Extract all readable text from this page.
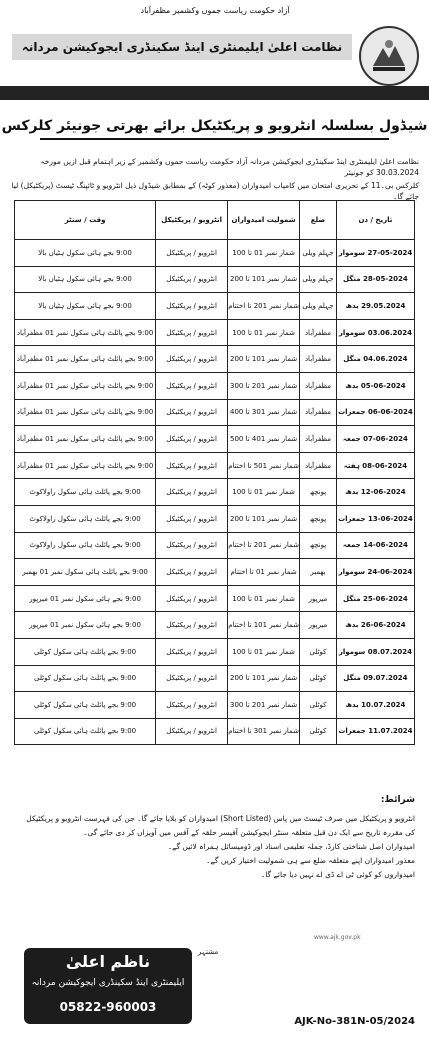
آزاد حکومت ریاست جموں وکشمیر مظفرآباد
نظامت اعلیٰ ایلیمنٹری اینڈ سکینڈری ایجوکیشن مردانہ
شیڈول بسلسلہ انٹرویو و پریکٹیکل برائے بھرتی جونیئر کلرکس
نظامت اعلیٰ ایلیمنٹری اینڈ سکینڈری ایجوکیشن مردانہ آزاد حکومت ریاست جموں وکشمیر کے زیر اہتمام قبل ازیں مورخہ 30.03.2024 کو جونیئر
کلرکس بی۔11 کے تحریری امتحان میں کامیاب امیدواران (معذور کوٹہ) کے بمطابق شیڈول ذیل انٹرویو و ٹائپنگ ٹیسٹ (پریکٹیکل) لیا جائے گا۔
تاریخ / دن	ضلع	شمولیت امیدواران	انٹرویو / پریکٹیکل	وقت / سنٹر
27-05-2024 سوموار	جہلم ویلی	شمار نمبر 01 تا 100	انٹرویو / پریکٹیکل	9:00 بجے ہائی سکول ہٹیاں بالا
28-05-2024 منگل	جہلم ویلی	شمار نمبر 101 تا 200	انٹرویو / پریکٹیکل	9:00 بجے ہائی سکول ہٹیاں بالا
29.05.2024 بدھ	جہلم ویلی	شمار نمبر 201 تا اختتام	انٹرویو / پریکٹیکل	9:00 بجے ہائی سکول ہٹیاں بالا
03.06.2024 سوموار	مظفرآباد	شمار نمبر 01 تا 100	انٹرویو / پریکٹیکل	9:00 بجے پائلٹ ہائی سکول نمبر 01 مظفرآباد
04.06.2024 منگل	مظفرآباد	شمار نمبر 101 تا 200	انٹرویو / پریکٹیکل	9:00 بجے پائلٹ ہائی سکول نمبر 01 مظفرآباد
05-06-2024 بدھ	مظفرآباد	شمار نمبر 201 تا 300	انٹرویو / پریکٹیکل	9:00 بجے پائلٹ ہائی سکول نمبر 01 مظفرآباد
06-06-2024 جمعرات	مظفرآباد	شمار نمبر 301 تا 400	انٹرویو / پریکٹیکل	9:00 بجے پائلٹ ہائی سکول نمبر 01 مظفرآباد
07-06-2024 جمعہ	مظفرآباد	شمار نمبر 401 تا 500	انٹرویو / پریکٹیکل	9:00 بجے پائلٹ ہائی سکول نمبر 01 مظفرآباد
08-06-2024 ہفتہ	مظفرآباد	شمار نمبر 501 تا اختتام	انٹرویو / پریکٹیکل	9:00 بجے پائلٹ ہائی سکول نمبر 01 مظفرآباد
12-06-2024 بدھ	پونچھ	شمار نمبر 01 تا 100	انٹرویو / پریکٹیکل	9:00 بجے پائلٹ ہائی سکول راولاکوٹ
13-06-2024 جمعرات	پونچھ	شمار نمبر 101 تا 200	انٹرویو / پریکٹیکل	9:00 بجے پائلٹ ہائی سکول راولاکوٹ
14-06-2024 جمعہ	پونچھ	شمار نمبر 201 تا اختتام	انٹرویو / پریکٹیکل	9:00 بجے پائلٹ ہائی سکول راولاکوٹ
24-06-2024 سوموار	بھمبر	شمار نمبر 01 تا اختتام	انٹرویو / پریکٹیکل	9:00 بجے پائلٹ ہائی سکول نمبر 01 بھمبر
25-06-2024 منگل	میرپور	شمار نمبر 01 تا 100	انٹرویو / پریکٹیکل	9:00 بجے ہائی سکول نمبر 01 میرپور
26-06-2024 بدھ	میرپور	شمار نمبر 101 تا اختتام	انٹرویو / پریکٹیکل	9:00 بجے ہائی سکول نمبر 01 میرپور
08.07.2024 سوموار	کوٹلی	شمار نمبر 01 تا 100	انٹرویو / پریکٹیکل	9:00 بجے پائلٹ ہائی سکول کوٹلی
09.07.2024 منگل	کوٹلی	شمار نمبر 101 تا 200	انٹرویو / پریکٹیکل	9:00 بجے پائلٹ ہائی سکول کوٹلی
10.07.2024 بدھ	کوٹلی	شمار نمبر 201 تا 300	انٹرویو / پریکٹیکل	9:00 بجے پائلٹ ہائی سکول کوٹلی
11.07.2024 جمعرات	کوٹلی	شمار نمبر 301 تا اختتام	انٹرویو / پریکٹیکل	9:00 بجے پائلٹ ہائی سکول کوٹلی
شرائط:
انٹرویو و پریکٹیکل میں صرف ٹیسٹ میں پاس (Short Listed) امیدواران کو بلایا جائے گا۔ جن کی فہرست انٹرویو و پریکٹیکل
کی مقررہ تاریخ سے ایک دن قبل متعلقہ سنٹر ایجوکیشن آفیسر حلقہ کے آفس میں آویزاں کر دی جائے گی۔
امیدواران اصل شناختی کارڈ، جملہ تعلیمی اسناد اور ڈومیسائل ہمراہ لائیں گے۔
معذور امیدواران اپنے متعلقہ ضلع سے ہی شمولیت اختیار کریں گے۔
امیدواروں کو کوئی ٹی اے ڈی اے نہیں دیا جائے گا۔
مشتہر
ناظم اعلیٰ
ایلیمنٹری اینڈ سکینڈری ایجوکیشن مردانہ
05822-960003
www.ajk.gov.pk
AJK-No-381N-05/2024
